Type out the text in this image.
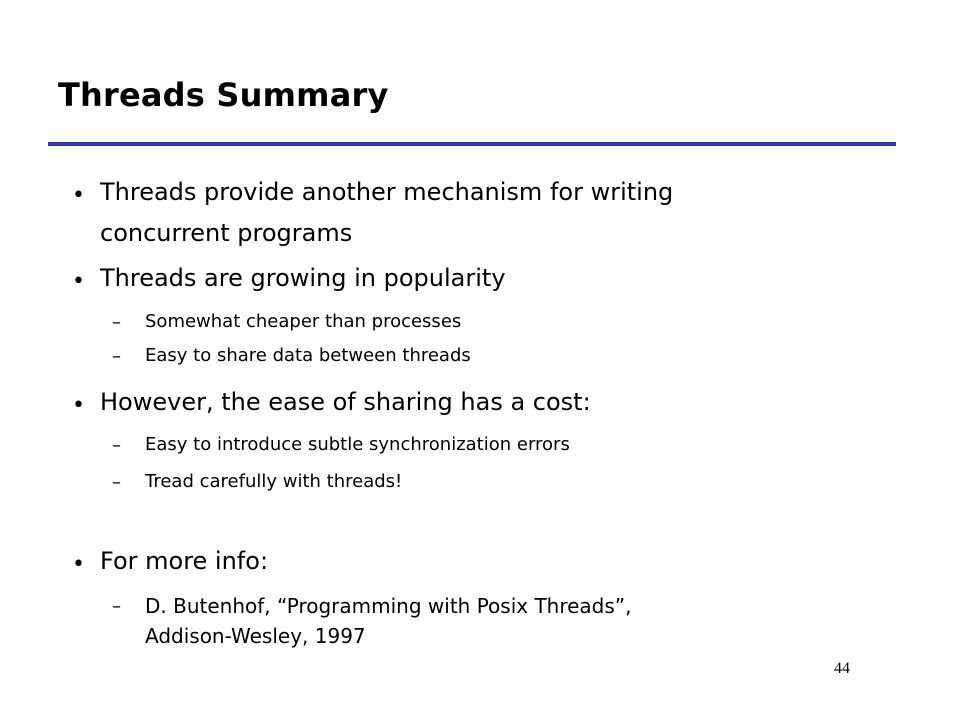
Threads Summary
• Threads provide another mechanism for writing
concurrent programs
• Threads are growing in popularity
– Somewhat cheaper than processes
– Easy to share data between threads
• However, the ease of sharing has a cost:
– Easy to introduce subtle synchronization errors
– Tread carefully with threads!
• For more info:
– D. Butenhof, “Programming with Posix Threads”,
Addison-Wesley, 1997
44
